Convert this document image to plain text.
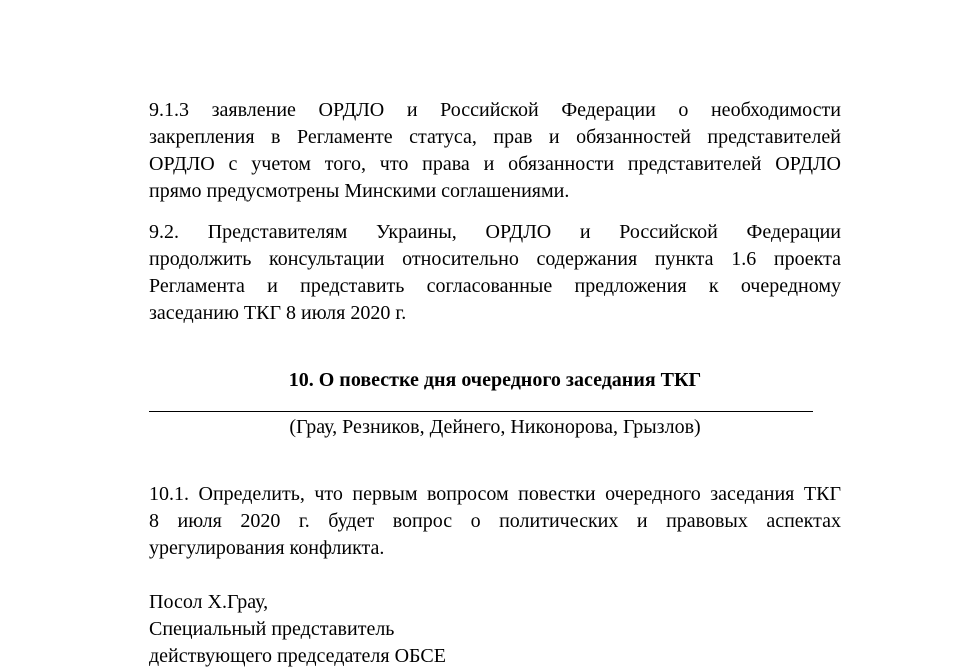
9.1.3 заявление ОРДЛО и Российской Федерации о необходимости
закрепления в Регламенте статуса, прав и обязанностей представителей
ОРДЛО с учетом того, что права и обязанности представителей ОРДЛО
прямо предусмотрены Минскими соглашениями.
9.2. Представителям Украины, ОРДЛО и Российской Федерации
продолжить консультации относительно содержания пункта 1.6 проекта
Регламента и представить согласованные предложения к очередному
заседанию ТКГ 8 июля 2020 г.
10. О повестке дня очередного заседания ТКГ
(Грау, Резников, Дейнего, Никонорова, Грызлов)
10.1. Определить, что первым вопросом повестки очередного заседания ТКГ
8 июля 2020 г. будет вопрос о политических и правовых аспектах
урегулирования конфликта.
Посол Х.Грау,
Специальный представитель
действующего председателя ОБСЕ
